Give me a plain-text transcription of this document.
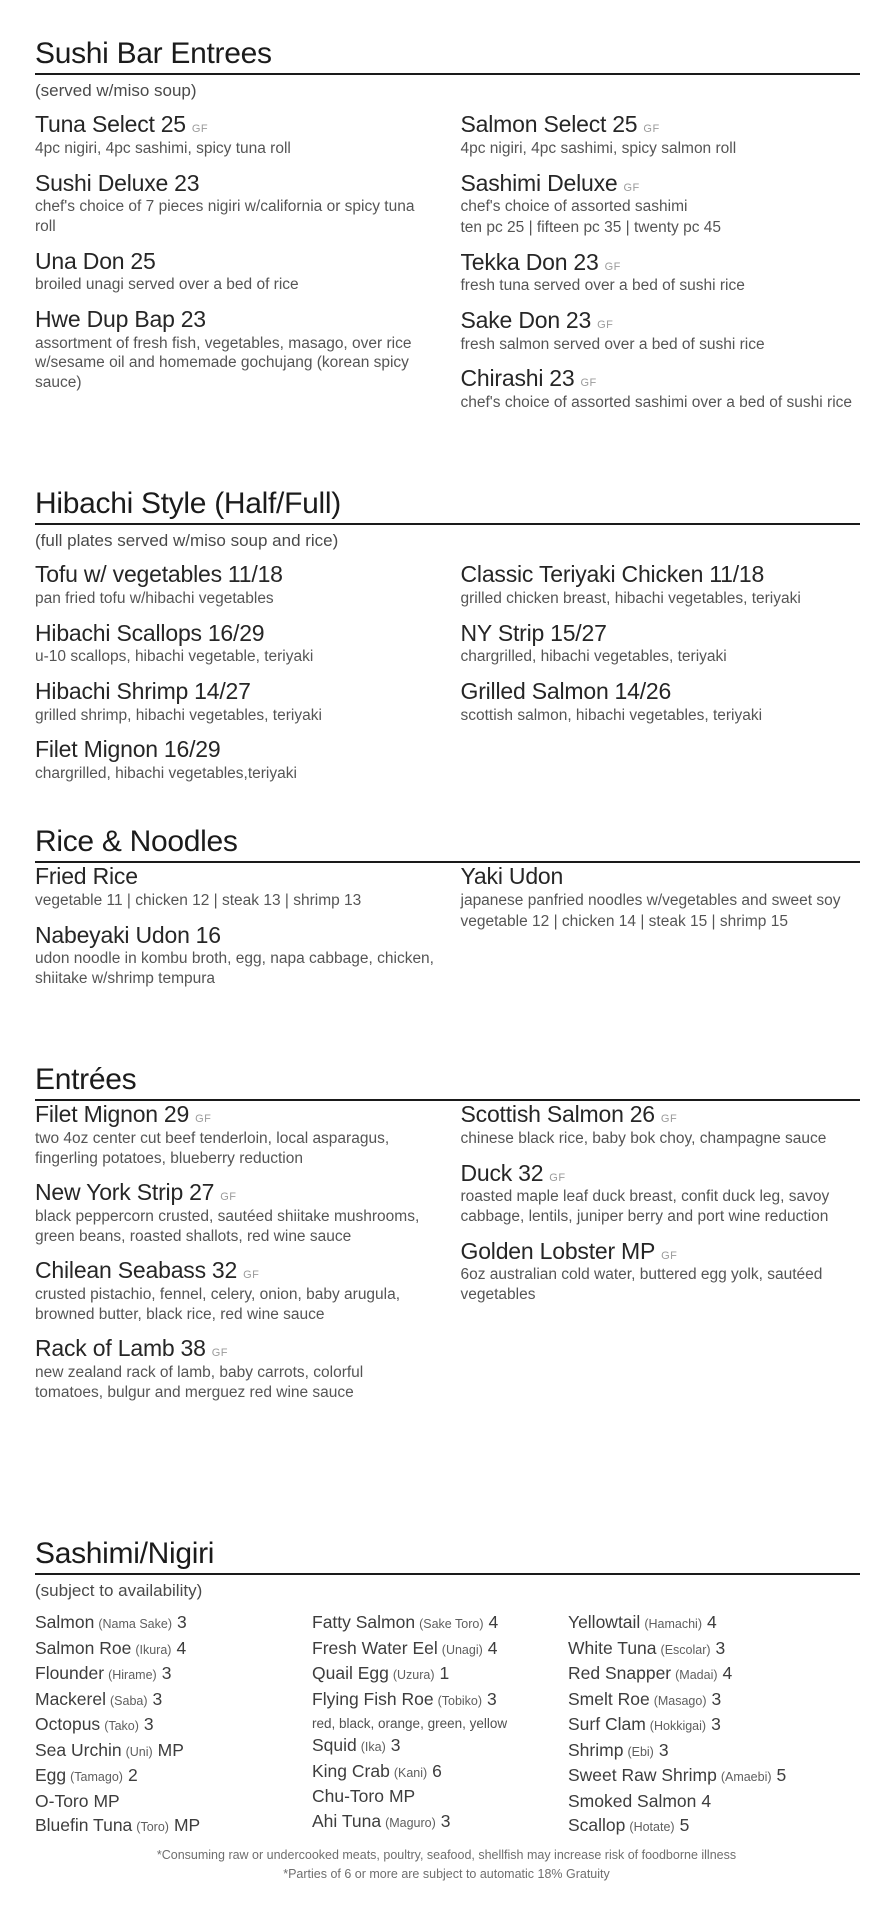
Sushi Bar Entrees
(served w/miso soup)
Tuna Select 25 GF
4pc nigiri, 4pc sashimi, spicy tuna roll
Sushi Deluxe 23
chef's choice of 7 pieces nigiri w/california or spicy tuna roll
Una Don 25
broiled unagi served over a bed of rice
Hwe Dup Bap 23
assortment of fresh fish, vegetables, masago, over rice w/sesame oil and homemade gochujang (korean spicy sauce)
Salmon Select 25 GF
4pc nigiri, 4pc sashimi, spicy salmon roll
Sashimi Deluxe GF
chef's choice of assorted sashimi
ten pc 25 | fifteen pc 35 | twenty pc 45
Tekka Don 23 GF
fresh tuna served over a bed of sushi rice
Sake Don 23 GF
fresh salmon served over a bed of sushi rice
Chirashi 23 GF
chef's choice of assorted sashimi over a bed of sushi rice
Hibachi Style (Half/Full)
(full plates served w/miso soup and rice)
Tofu w/ vegetables 11/18
pan fried tofu w/hibachi vegetables
Hibachi Scallops 16/29
u-10 scallops, hibachi vegetable, teriyaki
Hibachi Shrimp 14/27
grilled shrimp, hibachi vegetables, teriyaki
Filet Mignon 16/29
chargrilled, hibachi vegetables,teriyaki
Classic Teriyaki Chicken 11/18
grilled chicken breast, hibachi vegetables, teriyaki
NY Strip 15/27
chargrilled, hibachi vegetables, teriyaki
Grilled Salmon 14/26
scottish salmon, hibachi vegetables, teriyaki
Rice & Noodles
Fried Rice
vegetable 11 | chicken 12 | steak 13 | shrimp 13
Nabeyaki Udon 16
udon noodle in kombu broth, egg, napa cabbage, chicken, shiitake w/shrimp tempura
Yaki Udon
japanese panfried noodles w/vegetables and sweet soy
vegetable 12 | chicken 14 | steak 15 | shrimp 15
Entrées
Filet Mignon 29 GF
two 4oz center cut beef tenderloin, local asparagus, fingerling potatoes, blueberry reduction
New York Strip 27 GF
black peppercorn crusted, sautéed shiitake mushrooms, green beans, roasted shallots, red wine sauce
Chilean Seabass 32 GF
crusted pistachio, fennel, celery, onion, baby arugula, browned butter, black rice, red wine sauce
Rack of Lamb 38 GF
new zealand rack of lamb, baby carrots, colorful tomatoes, bulgur and merguez red wine sauce
Scottish Salmon 26 GF
chinese black rice, baby bok choy, champagne sauce
Duck 32 GF
roasted maple leaf duck breast, confit duck leg, savoy cabbage, lentils, juniper berry and port wine reduction
Golden Lobster MP GF
6oz australian cold water, buttered egg yolk, sautéed vegetables
Sashimi/Nigiri
(subject to availability)
Salmon (Nama Sake) 3
Salmon Roe (Ikura) 4
Flounder (Hirame) 3
Mackerel (Saba) 3
Octopus (Tako) 3
Sea Urchin (Uni) MP
Egg (Tamago) 2
O-Toro MP
Bluefin Tuna (Toro) MP
Fatty Salmon (Sake Toro) 4
Fresh Water Eel (Unagi) 4
Quail Egg (Uzura) 1
Flying Fish Roe (Tobiko) 3
red, black, orange, green, yellow
Squid (Ika) 3
King Crab (Kani) 6
Chu-Toro MP
Ahi Tuna (Maguro) 3
Yellowtail (Hamachi) 4
White Tuna (Escolar) 3
Red Snapper (Madai) 4
Smelt Roe (Masago) 3
Surf Clam (Hokkigai) 3
Shrimp (Ebi) 3
Sweet Raw Shrimp (Amaebi) 5
Smoked Salmon 4
Scallop (Hotate) 5
*Consuming raw or undercooked meats, poultry, seafood, shellfish may increase risk of foodborne illness
*Parties of 6 or more are subject to automatic 18% Gratuity
